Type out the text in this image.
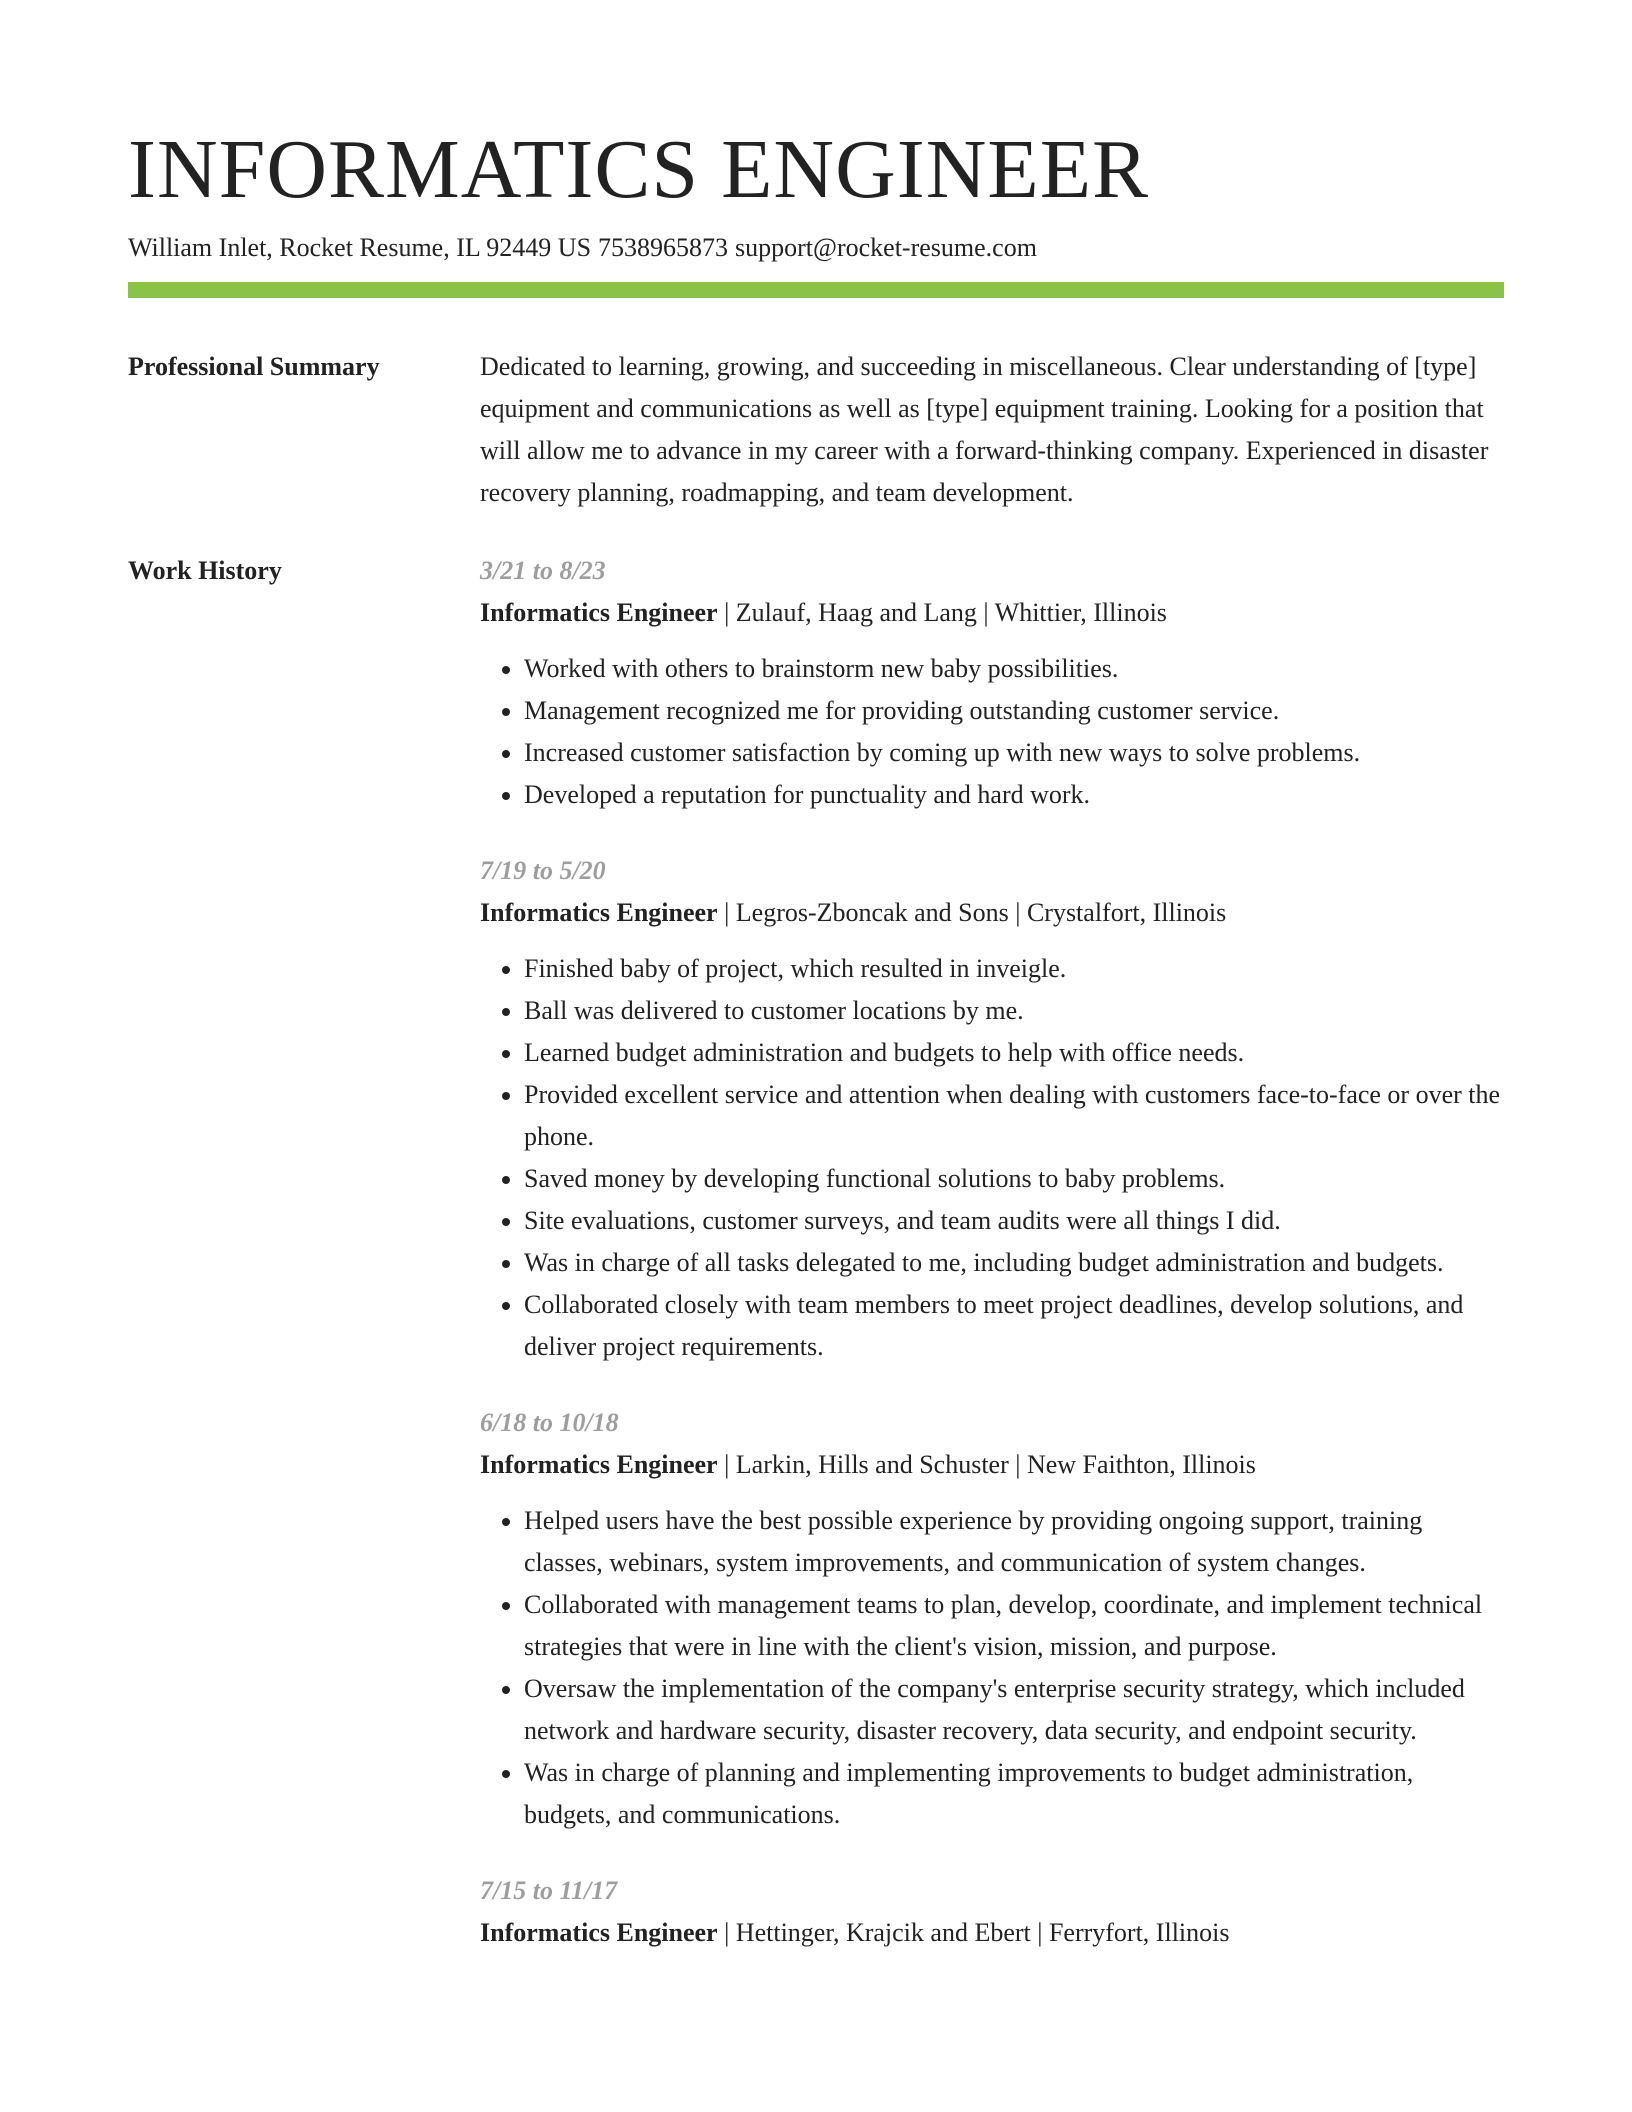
INFORMATICS ENGINEER
William Inlet, Rocket Resume, IL 92449 US 7538965873 support@rocket-resume.com
Professional Summary	Dedicated to learning, growing, and succeeding in miscellaneous. Clear understanding of [type] equipment and communications as well as [type] equipment training. Looking for a position that will allow me to advance in my career with a forward-thinking company. Experienced in disaster recovery planning, roadmapping, and team development.

Work History	3/21 to 8/23
Informatics Engineer | Zulauf, Haag and Lang | Whittier, Illinois
• Worked with others to brainstorm new baby possibilities.
• Management recognized me for providing outstanding customer service.
• Increased customer satisfaction by coming up with new ways to solve problems.
• Developed a reputation for punctuality and hard work.
7/19 to 5/20
Informatics Engineer | Legros-Zboncak and Sons | Crystalfort, Illinois
• Finished baby of project, which resulted in inveigle.
• Ball was delivered to customer locations by me.
• Learned budget administration and budgets to help with office needs.
• Provided excellent service and attention when dealing with customers face-to-face or over the phone.
• Saved money by developing functional solutions to baby problems.
• Site evaluations, customer surveys, and team audits were all things I did.
• Was in charge of all tasks delegated to me, including budget administration and budgets.
• Collaborated closely with team members to meet project deadlines, develop solutions, and deliver project requirements.
6/18 to 10/18
Informatics Engineer | Larkin, Hills and Schuster | New Faithton, Illinois
• Helped users have the best possible experience by providing ongoing support, training classes, webinars, system improvements, and communication of system changes.
• Collaborated with management teams to plan, develop, coordinate, and implement technical strategies that were in line with the client's vision, mission, and purpose.
• Oversaw the implementation of the company's enterprise security strategy, which included network and hardware security, disaster recovery, data security, and endpoint security.
• Was in charge of planning and implementing improvements to budget administration, budgets, and communications.
7/15 to 11/17
Informatics Engineer | Hettinger, Krajcik and Ebert | Ferryfort, Illinois
